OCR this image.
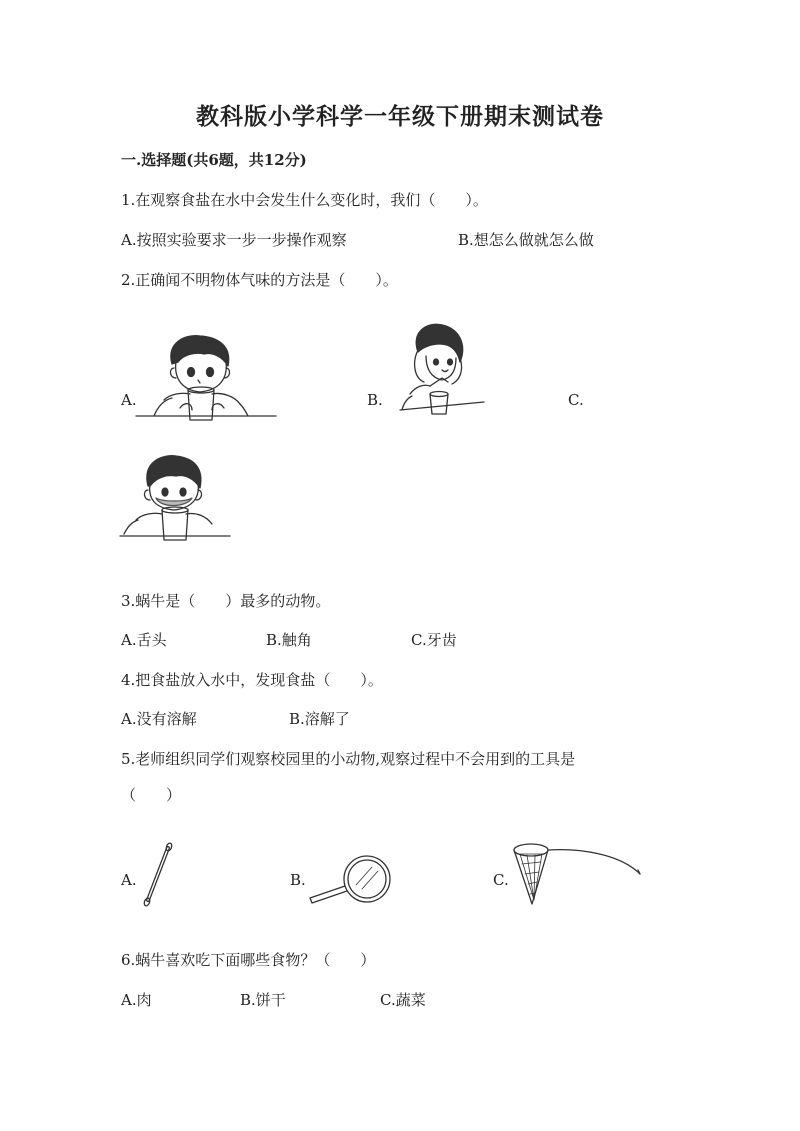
教科版小学科学一年级下册期末测试卷
一.选择题(共6题，共12分)
1.在观察食盐在水中会发生什么变化时，我们（　　）。
A.按照实验要求一步一步操作观察	B.想怎么做就怎么做
2.正确闻不明物体气味的方法是（　　）。
A.	B.	C.
3.蜗牛是（　　）最多的动物。
A.舌头	B.触角	C.牙齿
4.把食盐放入水中，发现食盐（　　）。
A.没有溶解	B.溶解了
5.老师组织同学们观察校园里的小动物,观察过程中不会用到的工具是
（　　）
A.	B.	C.
6.蜗牛喜欢吃下面哪些食物？（　　）
A.肉	B.饼干	C.蔬菜
